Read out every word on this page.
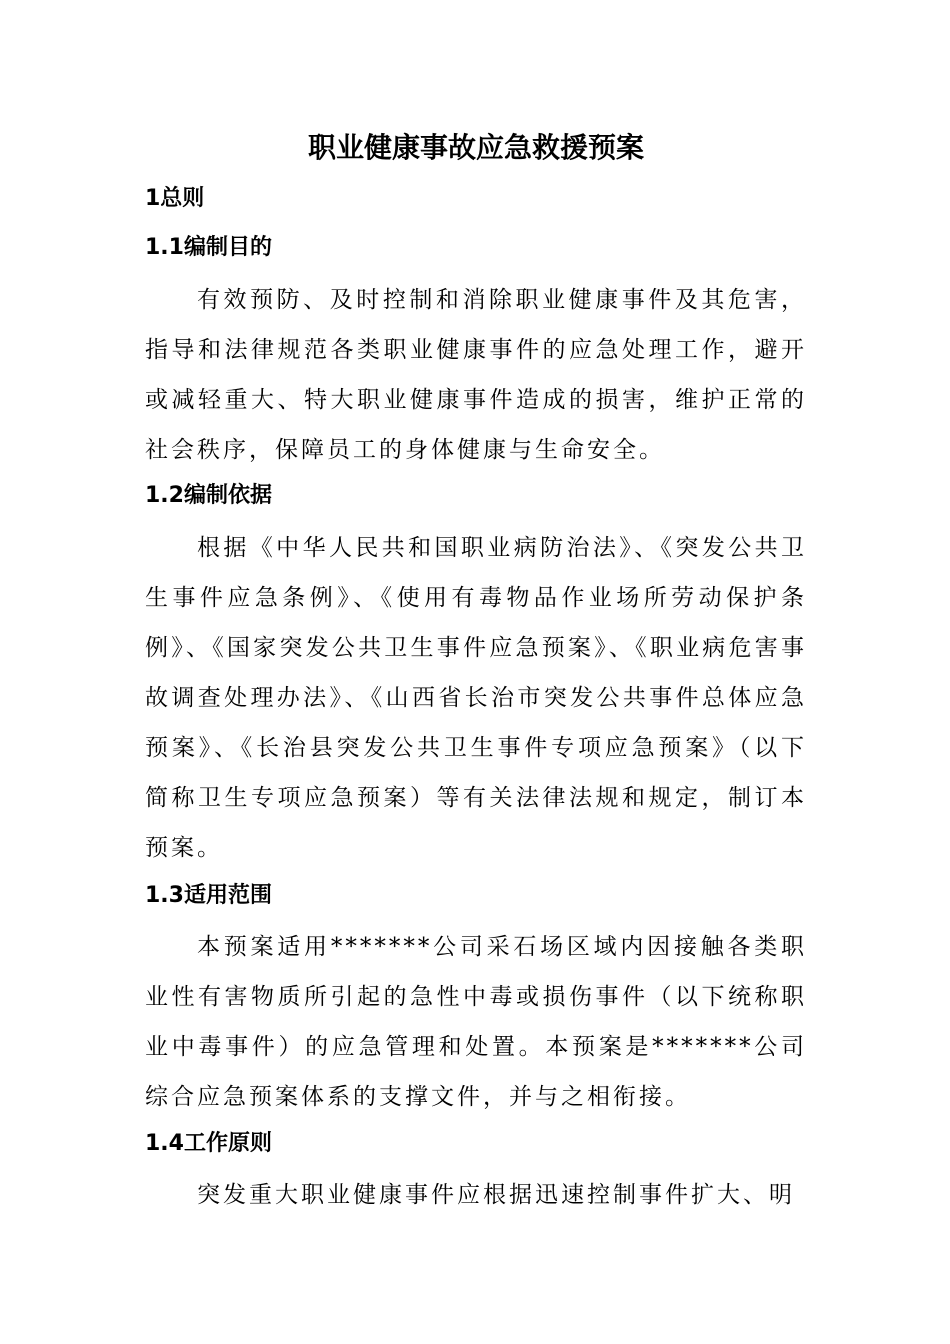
职业健康事故应急救援预案
1总则
1.1编制目的

有效预防、及时控制和消除职业健康事件及其危害，指导和法律规范各类职业健康事件的应急处理工作，避开或减轻重大、特大职业健康事件造成的损害，维护正常的社会秩序，保障员工的身体健康与生命安全。

1.2编制依据

根据《中华人民共和国职业病防治法》、《突发公共卫生事件应急条例》、《使用有毒物品作业场所劳动保护条例》、《国家突发公共卫生事件应急预案》、《职业病危害事故调查处理办法》、《山西省长治市突发公共事件总体应急预案》、《长治县突发公共卫生事件专项应急预案》（以下简称卫生专项应急预案）等有关法律法规和规定，制订本预案。

1.3适用范围

本预案适用*******公司采石场区域内因接触各类职业性有害物质所引起的急性中毒或损伤事件（以下统称职业中毒事件）的应急管理和处置。本预案是*******公司综合应急预案体系的支撑文件，并与之相衔接。

1.4工作原则

突发重大职业健康事件应根据迅速控制事件扩大、明
